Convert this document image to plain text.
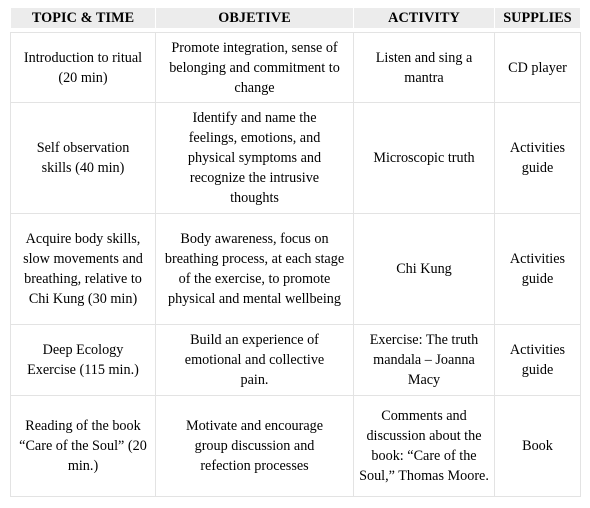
TOPIC & TIME	OBJETIVE	ACTIVITY	SUPPLIES

Introduction to ritual (20 min)	Promote integration, sense of belonging and commitment to change	Listen and sing a mantra	CD player

Self observation skills (40 min)	Identify and name the feelings, emotions, and physical symptoms and recognize the intrusive thoughts	Microscopic truth	Activities guide

Acquire body skills, slow movements and breathing, relative to Chi Kung (30 min)	Body awareness, focus on breathing process, at each stage of the exercise, to promote physical and mental wellbeing	Chi Kung	Activities guide

Deep Ecology Exercise (115 min.)	Build an experience of emotional and collective pain.	Exercise: The truth mandala – Joanna Macy	Activities guide

Reading of the book “Care of the Soul” (20 min.)	Motivate and encourage group discussion and refection processes	Comments and discussion about the book: “Care of the Soul,” Thomas Moore.	Book
